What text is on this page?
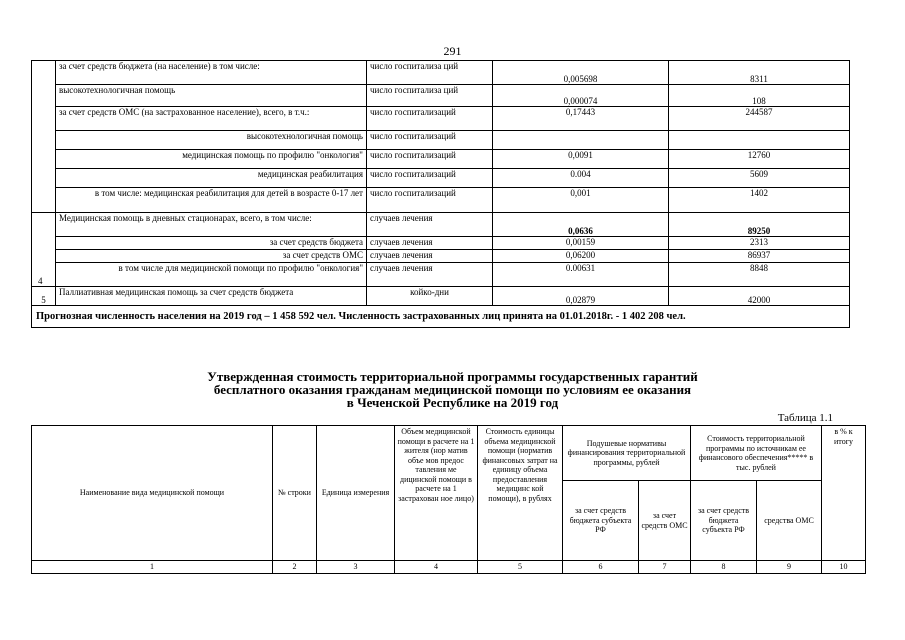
291
	за счет средств бюджета (на население) в том числе:	число госпитализа ций	0,005698	8311
	высокотехнологичная помощь	число госпитализа ций	0,000074	108
	за счет средств ОМС (на застрахованное население), всего, в т.ч.:	число госпитализаций	0,17443	244587
	высокотехнологичная помощь	число госпитализаций		
	медицинская помощь по профилю "онкология"	число госпитализаций	0,0091	12760
	медицинская реабилитация	число госпитализаций	0.004	5609
	в том числе: медицинская реабилитация для детей в возрасте 0-17 лет	число госпитализаций	0,001	1402
4	Медицинская помощь в дневных стационарах, всего, в том числе:	случаев лечения	0,0636	89250
	за счет средств бюджета	случаев лечения	0,00159	2313
	за счет средств ОМС	случаев лечения	0,06200	86937
	в том числе для медицинской помощи по профилю "онкология"	случаев лечения	0.00631	8848
5	Паллиативная медицинская помощь за счет средств бюджета	койко-дни	0,02879	42000
Прогнозная численность населения на 2019 год – 1 458 592 чел. Численность застрахованных лиц принята на 01.01.2018г. - 1 402 208 чел.				
Утвержденная стоимость территориальной программы государственных гарантий
бесплатного оказания гражданам медицинской помощи по условиям ее оказания
в Чеченской Республике на 2019 год
Таблица 1.1
Наименование вида медицинской помощи	№ строки	Единица измерения	Объем медицинской помощи в расчете на 1 жителя (нор матив объе мов предос тавления ме дицинской помощи в расчете на 1 застрахован ное лицо)	Стоимость единицы объема медицинской помощи (норматив финансовых затрат на единицу объема предоставления медицинс кой помощи), в рублях	Подушевые нормативы финансирования территориальной программы, рублей		Стоимость территориальной программы по источникам ее финансового обеспечения***** в тыс. рублей		в % к итогу
					за счет средств бюджета субъекта РФ	за счет средств ОМС	за счет средств бюджета субъекта РФ	средства ОМС	
1	2	3	4	5	6	7	8	9	10
